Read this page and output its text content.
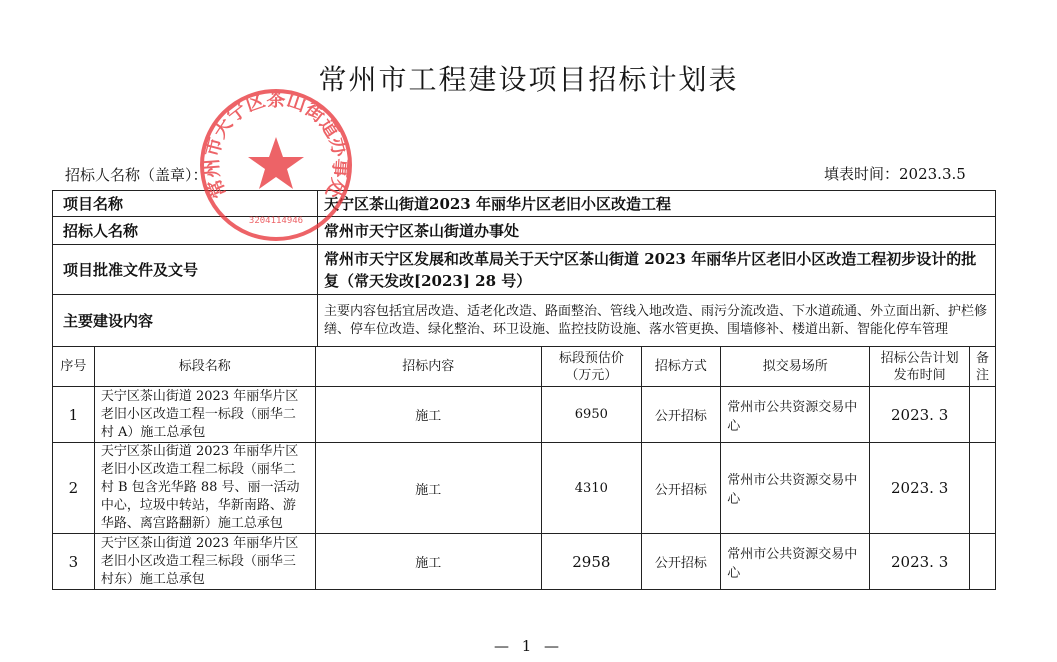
常州市工程建设项目招标计划表
招标人名称（盖章）：	填表时间：2023.3.5
项目名称	天宁区茶山街道2023 年丽华片区老旧小区改造工程
招标人名称	常州市天宁区茶山街道办事处
项目批准文件及文号	常州市天宁区发展和改革局关于天宁区茶山街道 2023 年丽华片区老旧小区改造工程初步设计的批复（常天发改[2023] 28 号）
主要建设内容	主要内容包括宜居改造、适老化改造、路面整治、管线入地改造、雨污分流改造、下水道疏通、外立面出新、护栏修缮、停车位改造、绿化整治、环卫设施、监控技防设施、落水管更换、围墙修补、楼道出新、智能化停车管理
序号	标段名称	招标内容	标段预估价（万元）	招标方式	拟交易场所	招标公告计划发布时间	备注
1	天宁区茶山街道 2023 年丽华片区老旧小区改造工程一标段（丽华二村 A）施工总承包	施工	6950	公开招标	常州市公共资源交易中心	2023. 3	
2	天宁区茶山街道 2023 年丽华片区老旧小区改造工程二标段（丽华二村 B 包含光华路 88 号、丽一活动中心，垃圾中转站，华新南路、游华路、离宫路翻新）施工总承包	施工	4310	公开招标	常州市公共资源交易中心	2023. 3	
3	天宁区茶山街道 2023 年丽华片区老旧小区改造工程三标段（丽华三村东）施工总承包	施工	2958	公开招标	常州市公共资源交易中心	2023. 3	
— 1 —
常州市天宁区茶山街道办事处
3204114946
